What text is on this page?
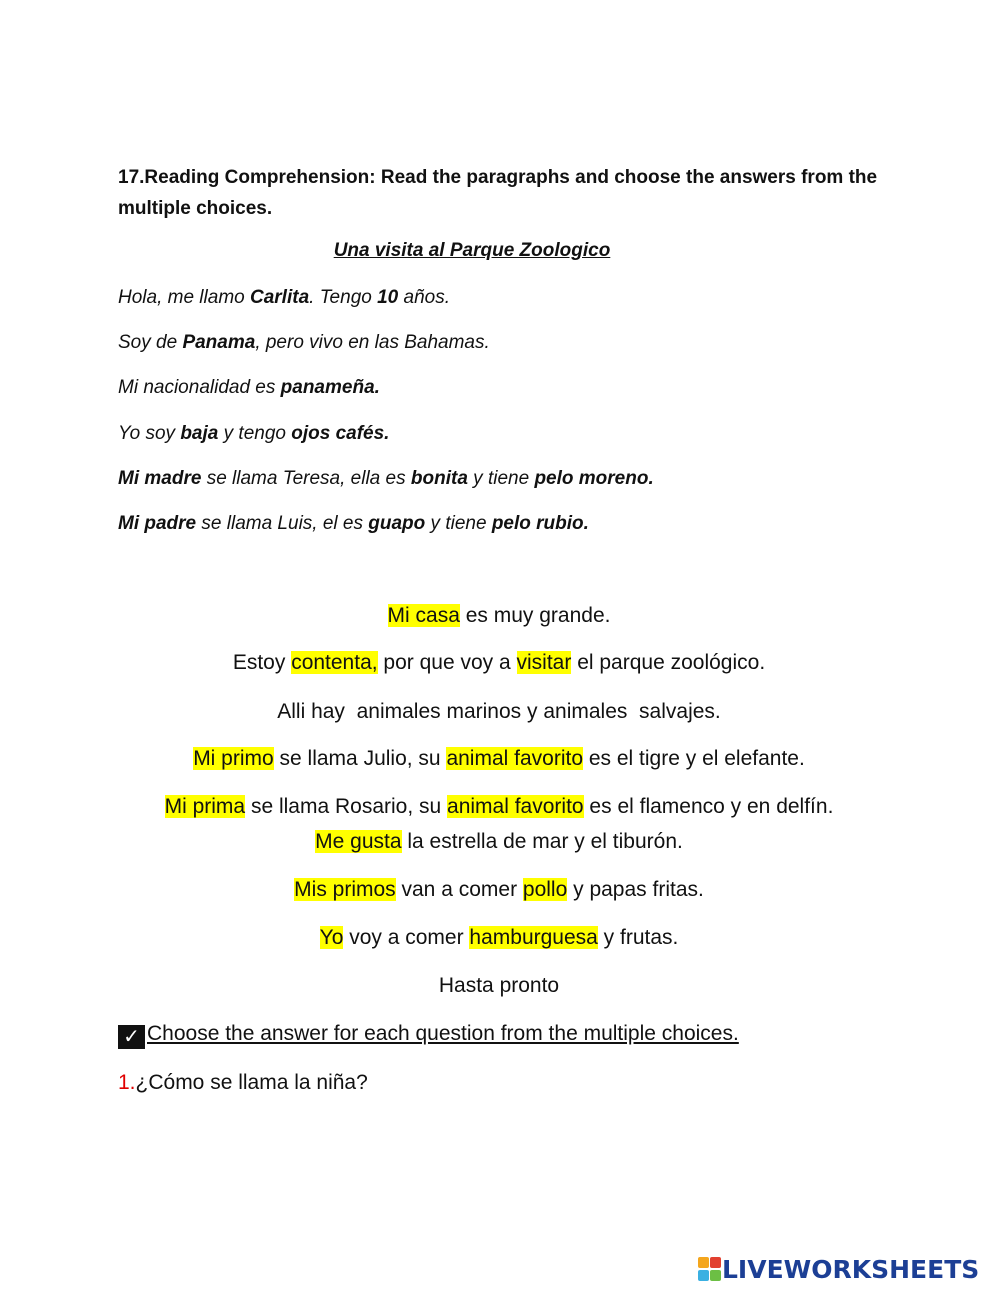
17.Reading Comprehension: Read the paragraphs and choose the answers from the multiple choices.
Una visita al Parque Zoologico
Hola, me llamo Carlita. Tengo 10 años.
Soy de Panama, pero vivo en las Bahamas.
Mi nacionalidad es panameña.
Yo soy baja y tengo ojos cafés.
Mi madre se llama Teresa, ella es bonita y tiene pelo moreno.
Mi padre se llama Luis, el es guapo y tiene pelo rubio.
Mi casa es muy grande.
Estoy contenta, por que voy a visitar el parque zoológico.
Alli hay  animales marinos y animales  salvajes.
Mi primo se llama Julio, su animal favorito es el tigre y el elefante.
Mi prima se llama Rosario, su animal favorito es el flamenco y en delfín.
Me gusta la estrella de mar y el tiburón.
Mis primos van a comer pollo y papas fritas.
Yo voy a comer hamburguesa y frutas.
Hasta pronto
✓ Choose the answer for each question from the multiple choices.
1.¿Cómo se llama la niña?
LIVEWORKSHEETS
